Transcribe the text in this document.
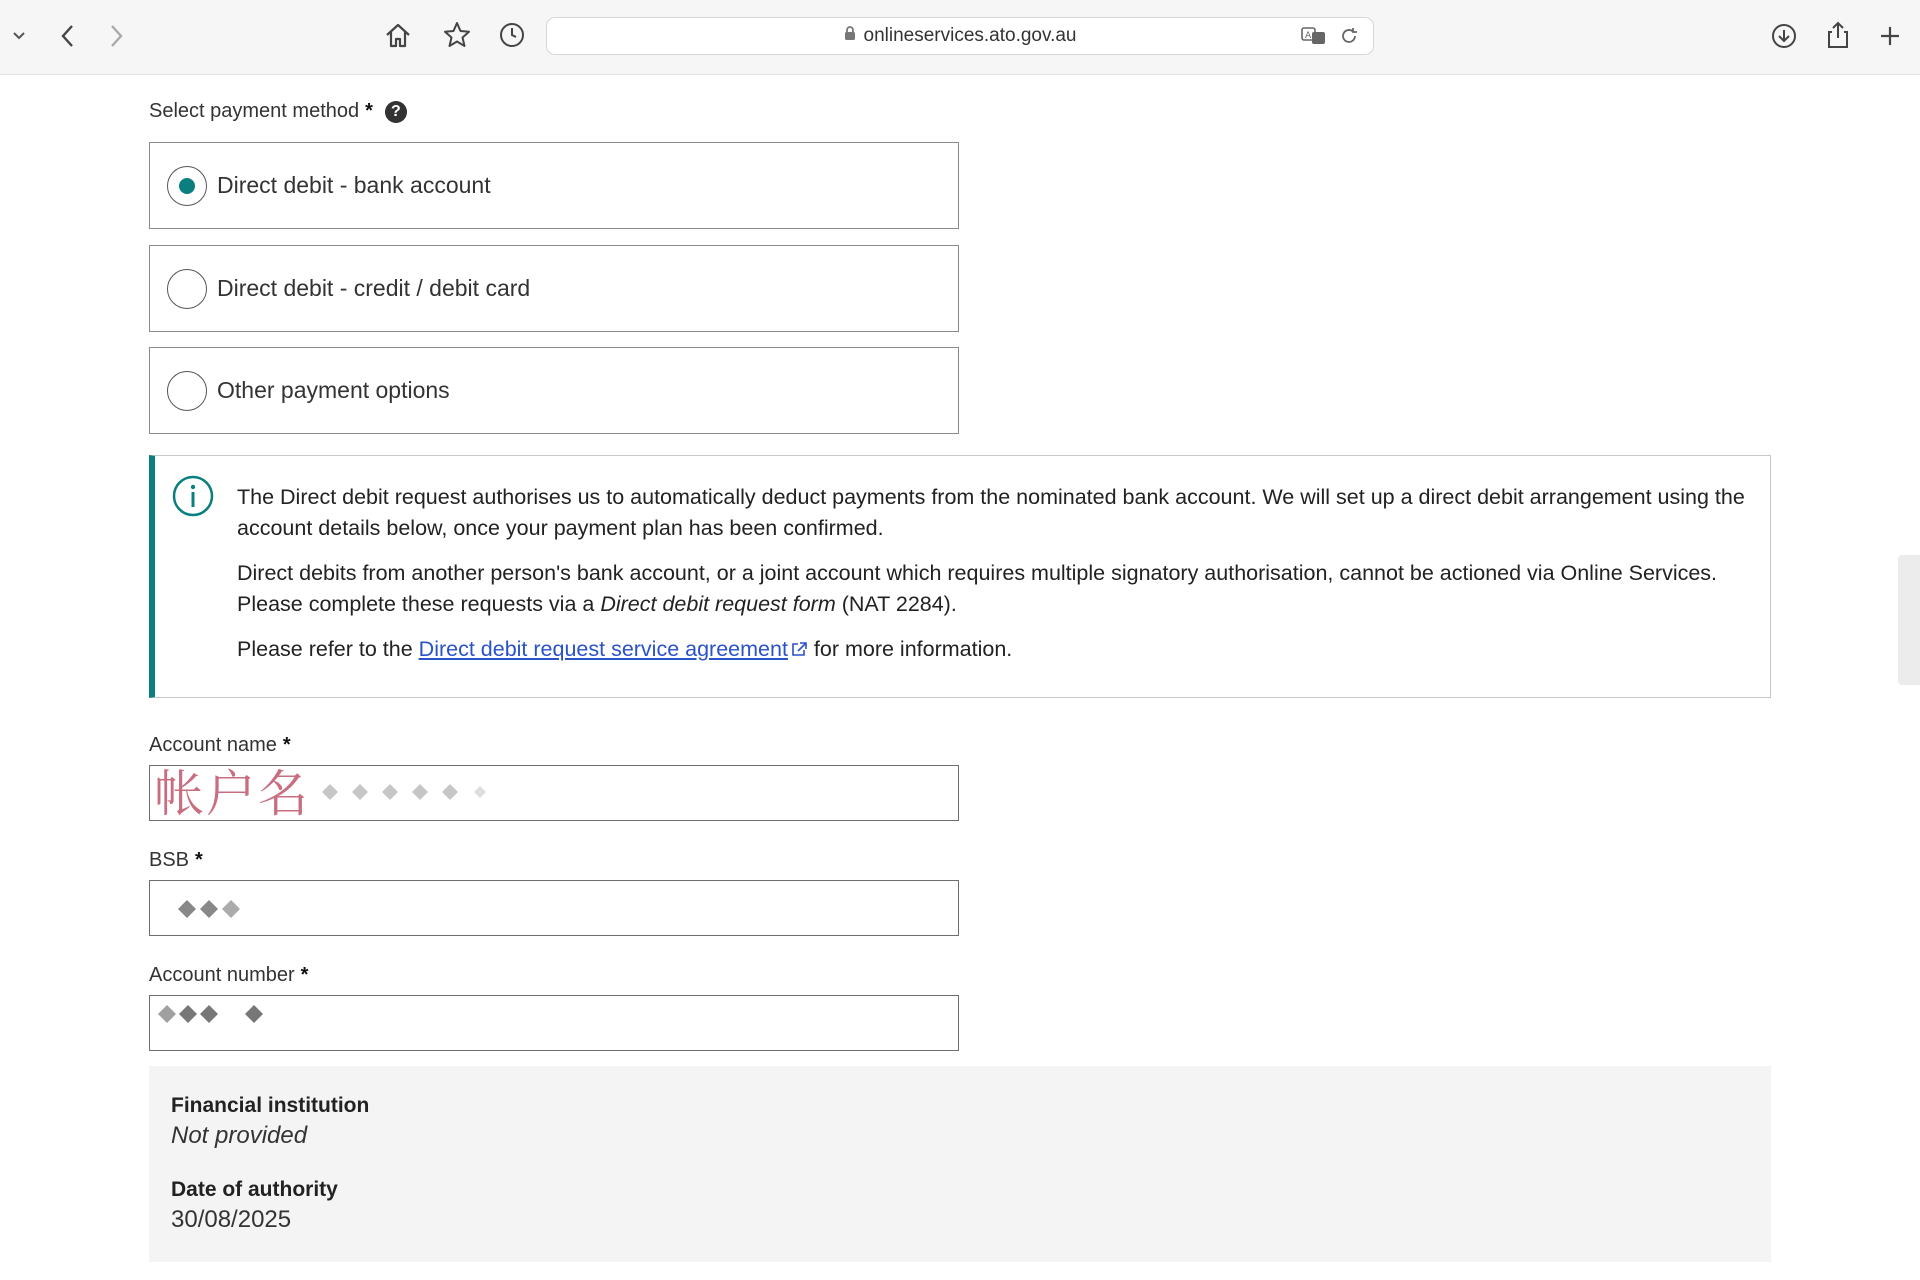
onlineservices.ato.gov.au	A
Select payment method *	?
Direct debit - bank account
Direct debit - credit / debit card
Other payment options

The Direct debit request authorises us to automatically deduct payments from the nominated bank account. We will set up a direct debit arrangement using the account details below, once your payment plan has been confirmed.

Direct debits from another person's bank account, or a joint account which requires multiple signatory authorisation, cannot be actioned via Online Services. Please complete these requests via a Direct debit request form (NAT 2284).

Please refer to the Direct debit request service agreement for more information.

Account name *
帐户名
BSB *
Account number *
Financial institution
Not provided
Date of authority
30/08/2025
